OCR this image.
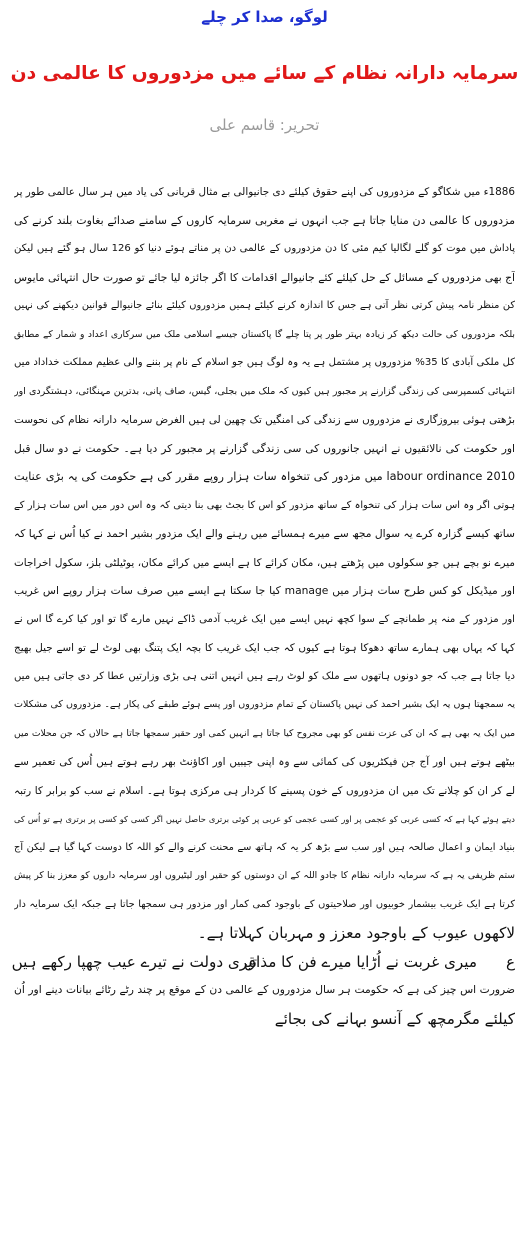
لوگو، صدا کر چلے
سرمایہ دارانہ نظام کے سائے میں مزدوروں کا عالمی دن
تحریر: قاسم علی
1886ء میں شکاگو کے مزدوروں کی اپنے حقوق کیلئے دی جانیوالی بے مثال قربانی کی یاد میں ہر سال عالمی طور پر
مزدوروں کا عالمی دن منایا جاتا ہے جب انہوں نے مغربی سرمایہ کاروں کے سامنے صدائے بغاوت بلند کرنے کی
پاداش میں موت کو گلے لگالیا کیم مئی کا دن مزدوروں کے عالمی دن پر مناتے ہوئے دنیا کو 126 سال ہو گئے ہیں لیکن
آج بھی مزدوروں کے مسائل کے حل کیلئے کئے جانیوالے اقدامات کا اگر جائزہ لیا جائے تو صورت حال انتہائی مایوس
کن منظر نامہ پیش کرتی نظر آتی ہے جس کا اندازہ کرنے کیلئے ہمیں مزدوروں کیلئے بنائے جانیوالے قوانین دیکھنے کی نہیں
بلکہ مزدوروں کی حالت دیکھ کر زیادہ بہتر طور پر پتا چلے گا پاکستان جیسے اسلامی ملک میں سرکاری اعداد و شمار کے مطابق
کل ملکی آبادی کا 35% مزدوروں پر مشتمل ہے یہ وہ لوگ ہیں جو اسلام کے نام پر بننے والی عظیم مملکت خداداد میں
انتہائی کسمپرسی کی زندگی گزارنے پر مجبور ہیں کیوں کہ ملک میں بجلی، گیس، صاف پانی، بدترین مہنگائی، دہشتگردی اور
بڑھتی ہوئی بیروزگاری نے مزدوروں سے زندگی کی امنگیں تک چھین لی ہیں الغرض سرمایہ دارانہ نظام کی نحوست
اور حکومت کی نالائقیوں نے انہیں جانوروں کی سی زندگی گزارنے پر مجبور کر دیا ہے۔ حکومت نے دو سال قبل
labour ordinance 2010 میں مزدور کی تنخواہ سات ہزار روپے مقرر کی ہے حکومت کی یہ بڑی عنایت
ہوتی اگر وہ اس سات ہزار کی تنخواہ کے ساتھ مزدور کو اس کا بجٹ بھی بنا دیتی کہ وہ اس دور میں اس سات ہزار کے
ساتھ کیسے گزارہ کرے یہ سوال مجھ سے میرے ہمسائے میں رہنے والے ایک مزدور بشیر احمد نے کیا اُس نے کہا کہ
میرے نو بچے ہیں جو سکولوں میں پڑھتے ہیں، مکان کرائے کا ہے ایسے میں کرائے مکان، یوٹیلٹی بلز، سکول اخراجات
اور میڈیکل کو کس طرح سات ہزار میں manage کیا جا سکتا ہے ایسے میں صرف سات ہزار روپے اس غریب
اور مزدور کے منہ پر طمانچے کے سوا کچھ نہیں ایسے میں ایک غریب آدمی ڈاکے نہیں مارے گا تو اور کیا کرے گا اس نے
کہا کہ یہاں بھی ہمارے ساتھ دھوکا ہوتا ہے کیوں کہ جب ایک غریب کا بچہ ایک پتنگ بھی لوٹ لے تو اسے جیل بھیج
دیا جاتا ہے جب کہ جو دونوں ہاتھوں سے ملک کو لوٹ رہے ہیں انہیں اتنی ہی بڑی وزارتیں عطا کر دی جاتی ہیں میں
یہ سمجھتا ہوں یہ ایک بشیر احمد کی نہیں پاکستان کے تمام مزدوروں اور پسے ہوئے طبقے کی پکار ہے۔ مزدوروں کی مشکلات
میں ایک یہ بھی ہے کہ ان کی عزت نفس کو بھی مجروح کیا جاتا ہے انہیں کمی اور حقیر سمجھا جاتا ہے حالاں کہ جن محلات میں
بیٹھے ہوتے ہیں اور آج جن فیکٹریوں کی کمائی سے وہ اپنی جیبیں اور اکاؤنٹ بھر رہے ہوتے ہیں اُس کی تعمیر سے
لے کر ان کو چلانے تک میں ان مزدوروں کے خون پسینے کا کردار ہی مرکزی ہوتا ہے۔ اسلام نے سب کو برابر کا رتبہ
دیتے ہوئے کہا ہے کہ کسی عربی کو عجمی پر اور کسی عجمی کو عربی پر کوئی برتری حاصل نہیں اگر کسی کو کسی پر برتری ہے تو اُس کی
بنیاد ایمان و اعمال صالحہ ہیں اور سب سے بڑھ کر یہ کہ ہاتھ سے محنت کرنے والے کو اللہ کا دوست کہا گیا ہے لیکن آج
ستم ظریفی یہ ہے کہ سرمایہ دارانہ نظام کا جادو اللہ کے ان دوستوں کو حقیر اور لیٹیروں اور سرمایہ داروں کو معزز بنا کر پیش
کرتا ہے ایک غریب بیشمار خوبیوں اور صلاحیتوں کے باوجود کمی کمار اور مزدور ہی سمجھا جاتا ہے جبکہ ایک سرمایہ دار
لاکھوں عیوب کے باوجود معزز و مہربان کہلاتا ہے۔
ع
میری غربت نے اُڑایا میرے فن کا مذاق
تیری دولت نے تیرے عیب چھپا رکھے ہیں
ضرورت اس چیز کی ہے کہ حکومت ہر سال مزدوروں کے عالمی دن کے موقع پر چند رٹے رٹائے بیانات دینے اور اُن
کیلئے مگرمچھ کے آنسو بہانے کی بجائے
